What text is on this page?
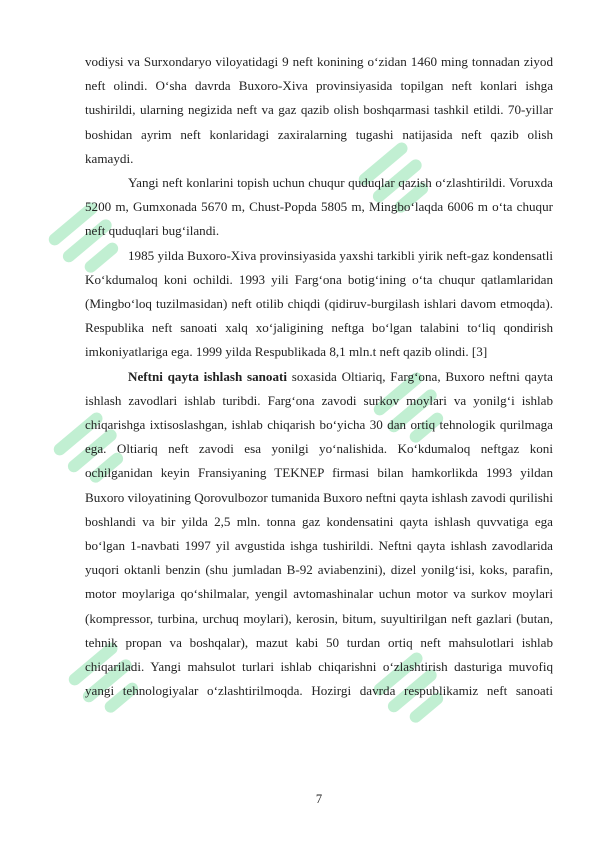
vodiysi va Surxondaryo viloyatidagi 9 neft konining oʻzidan 1460 ming tonnadan ziyod neft olindi. Oʻsha davrda Buxoro-Xiva provinsiyasida topilgan neft konlari ishga tushirildi, ularning negizida neft va gaz qazib olish boshqarmasi tashkil etildi. 70-yillar boshidan ayrim neft konlaridagi zaxiralarning tugashi natijasida neft qazib olish kamaydi.

Yangi neft konlarini topish uchun chuqur quduqlar qazish oʻzlashtirildi. Voruxda 5200 m, Gumxonada 5670 m, Chust-Popda 5805 m, Mingboʻlaqda 6006 m oʻta chuqur neft quduqlari bugʻilandi.

1985 yilda Buxoro-Xiva provinsiyasida yaxshi tarkibli yirik neft-gaz kondensatli Koʻkdumaloq koni ochildi. 1993 yili Fargʻona botigʻining oʻta chuqur qatlamlaridan (Mingboʻloq tuzilmasidan) neft otilib chiqdi (qidiruv-burgilash ishlari davom etmoqda). Respublika neft sanoati xalq xoʻjaligining neftga boʻlgan talabini toʻliq qondirish imkoniyatlariga ega. 1999 yilda Respublikada 8,1 mln.t neft qazib olindi. [3]

Neftni qayta ishlash sanoati soxasida Oltiariq, Fargʻona, Buxoro neftni qayta ishlash zavodlari ishlab turibdi. Fargʻona zavodi surkov moylari va yonilgʻi ishlab chiqarishga ixtisoslashgan, ishlab chiqarish boʻyicha 30 dan ortiq tehnologik qurilmaga ega. Oltiariq neft zavodi esa yonilgi yoʻnalishida. Koʻkdumaloq neftgaz koni ochilganidan keyin Fransiyaning TEKNEP firmasi bilan hamkorlikda 1993 yildan Buxoro viloyatining Qorovulbozor tumanida Buxoro neftni qayta ishlash zavodi qurilishi boshlandi va bir yilda 2,5 mln. tonna gaz kondensatini qayta ishlash quvvatiga ega boʻlgan 1-navbati 1997 yil avgustida ishga tushirildi. Neftni qayta ishlash zavodlarida yuqori oktanli benzin (shu jumladan B-92 aviabenzini), dizel yonilgʻisi, koks, parafin, motor moylariga qoʻshilmalar, yengil avtomashinalar uchun motor va surkov moylari (kompressor, turbina, urchuq moylari), kerosin, bitum, suyultirilgan neft gazlari (butan, tehnik propan va boshqalar), mazut kabi 50 turdan ortiq neft mahsulotlari ishlab chiqariladi. Yangi mahsulot turlari ishlab chiqarishni oʻzlashtirish dasturiga muvofiq yangi tehnologiyalar oʻzlashtirilmoqda. Hozirgi davrda respublikamiz neft sanoati

7
